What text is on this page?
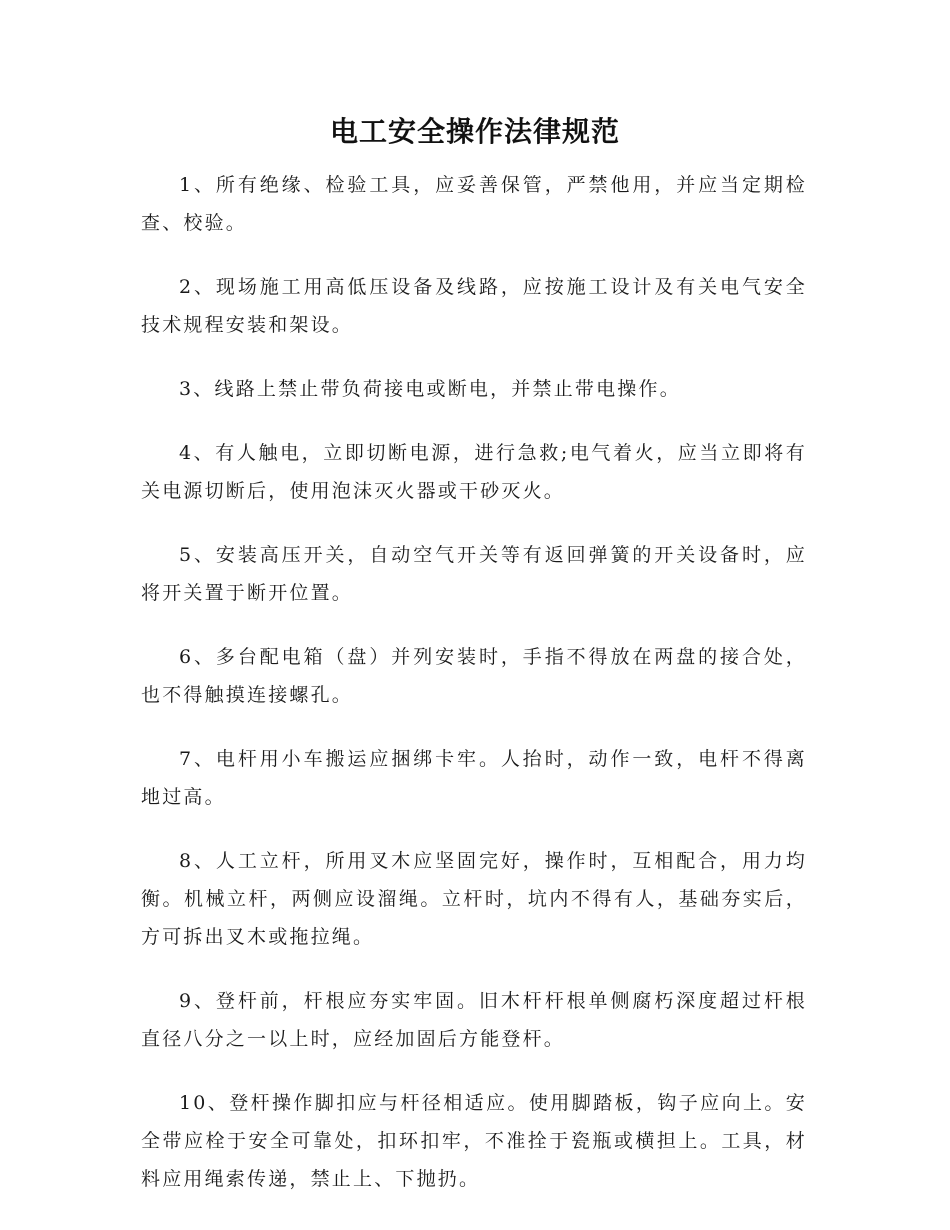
电工安全操作法律规范

1、所有绝缘、检验工具，应妥善保管，严禁他用，并应当定期检查、校验。

2、现场施工用高低压设备及线路，应按施工设计及有关电气安全技术规程安装和架设。

3、线路上禁止带负荷接电或断电，并禁止带电操作。

4、有人触电，立即切断电源，进行急救;电气着火，应当立即将有关电源切断后，使用泡沫灭火器或干砂灭火。

5、安装高压开关，自动空气开关等有返回弹簧的开关设备时，应将开关置于断开位置。

6、多台配电箱（盘）并列安装时，手指不得放在两盘的接合处，也不得触摸连接螺孔。

7、电杆用小车搬运应捆绑卡牢。人抬时，动作一致，电杆不得离地过高。

8、人工立杆，所用叉木应坚固完好，操作时，互相配合，用力均衡。机械立杆，两侧应设溜绳。立杆时，坑内不得有人，基础夯实后，方可拆出叉木或拖拉绳。

9、登杆前，杆根应夯实牢固。旧木杆杆根单侧腐朽深度超过杆根直径八分之一以上时，应经加固后方能登杆。

10、登杆操作脚扣应与杆径相适应。使用脚踏板，钩子应向上。安全带应栓于安全可靠处，扣环扣牢，不准拴于瓷瓶或横担上。工具，材料应用绳索传递，禁止上、下抛扔。
